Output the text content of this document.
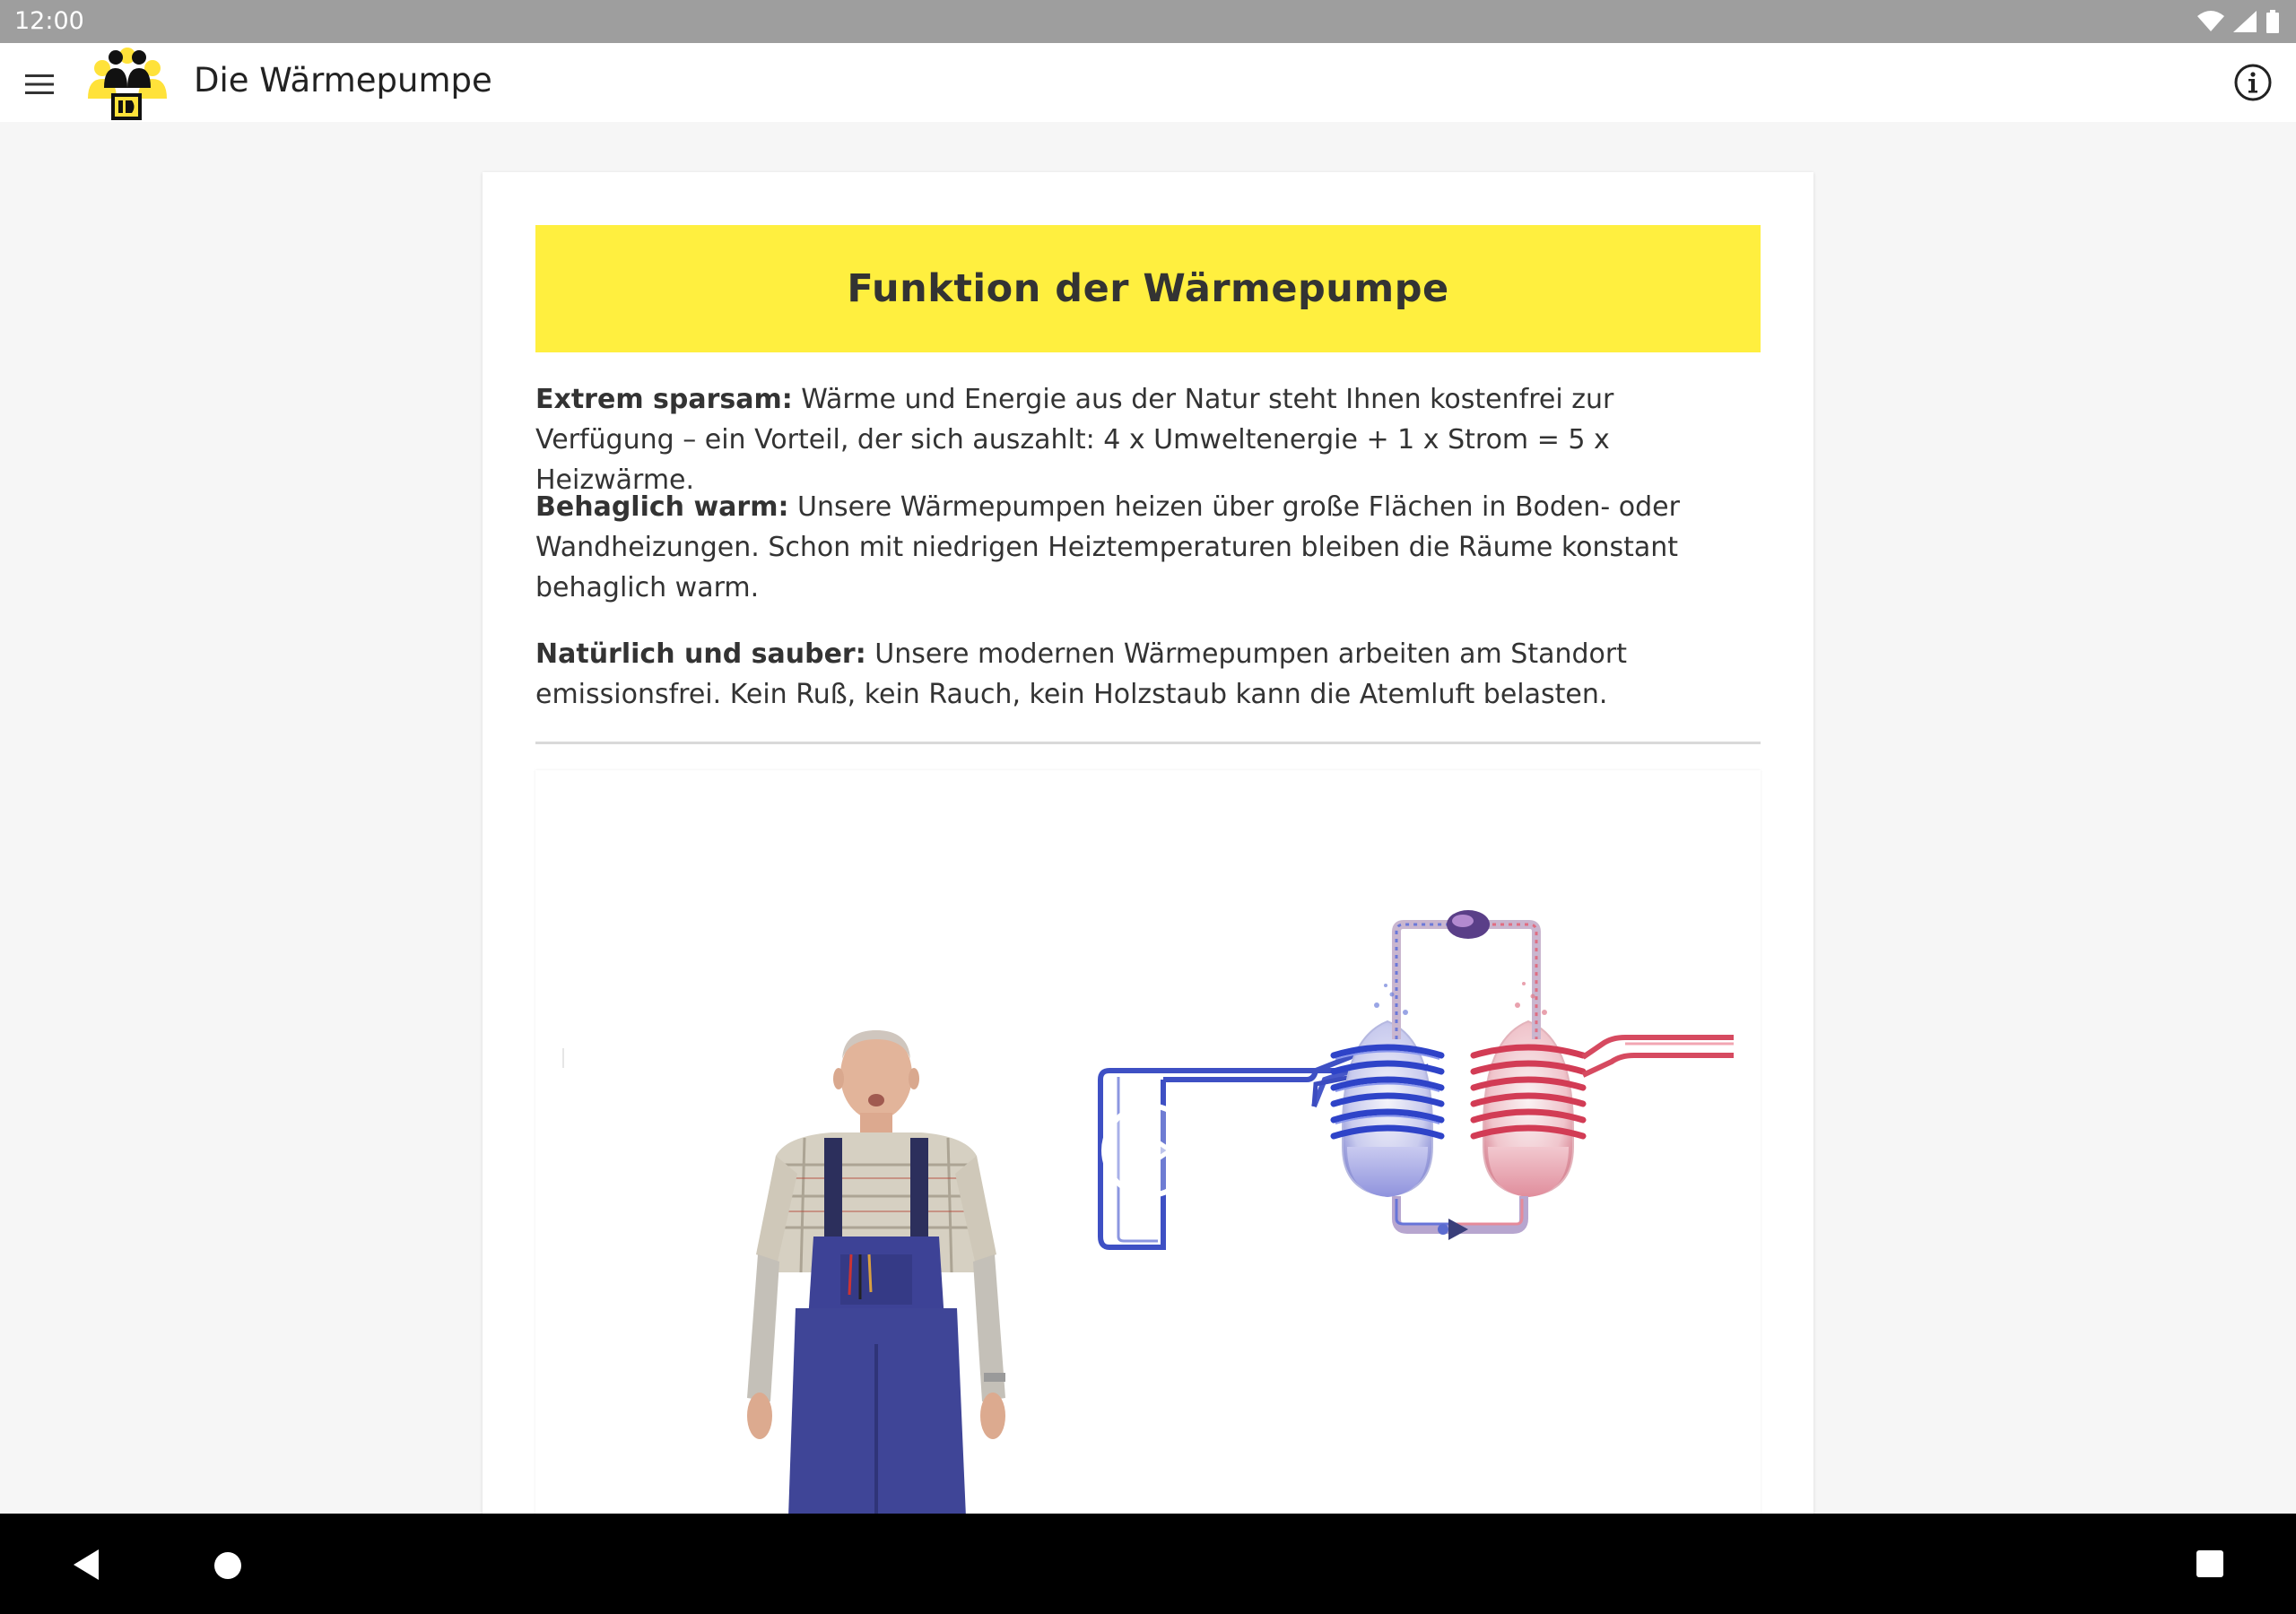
12:00
Die Wärmepumpe
Funktion der Wärmepumpe

Extrem sparsam: Wärme und Energie aus der Natur steht Ihnen kostenfrei zur Verfügung – ein Vorteil, der sich auszahlt: 4 x Umweltenergie + 1 x Strom = 5 x Heizwärme.

Behaglich warm: Unsere Wärmepumpen heizen über große Flächen in Boden- oder Wandheizungen. Schon mit niedrigen Heiztemperaturen bleiben die Räume konstant behaglich warm.

Natürlich und sauber: Unsere modernen Wärmepumpen arbeiten am Standort emissionsfrei. Kein Ruß, kein Rauch, kein Holzstaub kann die Atemluft belasten.
